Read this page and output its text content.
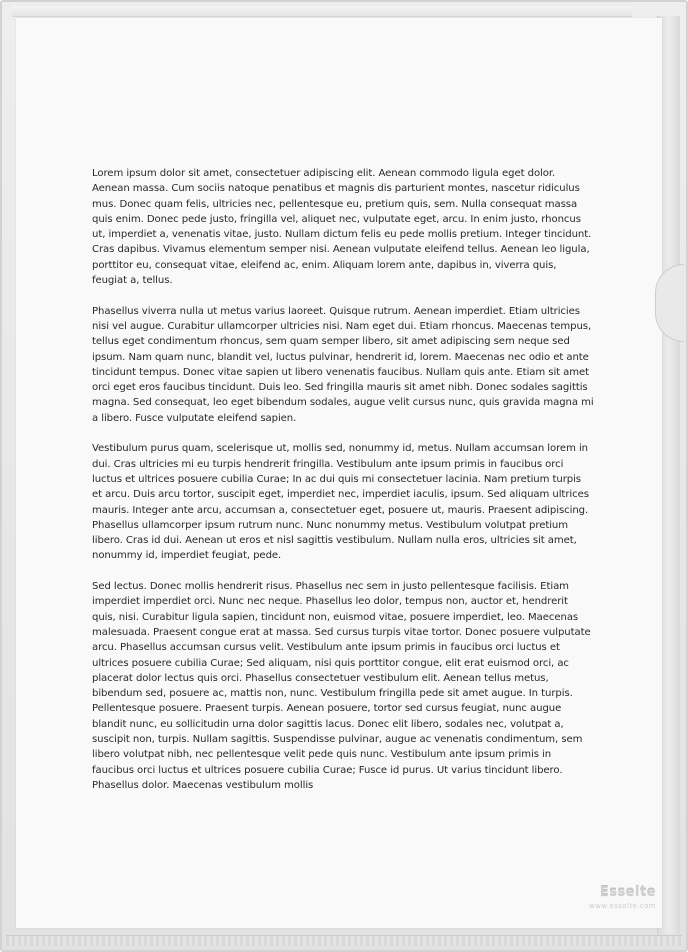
Lorem ipsum dolor sit amet, consectetuer adipiscing elit. Aenean commodo ligula eget dolor. Aenean massa. Cum sociis natoque penatibus et magnis dis parturient montes, nascetur ridiculus mus. Donec quam felis, ultricies nec, pellentesque eu, pretium quis, sem. Nulla consequat massa quis enim. Donec pede justo, fringilla vel, aliquet nec, vulputate eget, arcu. In enim justo, rhoncus ut, imperdiet a, venenatis vitae, justo. Nullam dictum felis eu pede mollis pretium. Integer tincidunt. Cras dapibus. Vivamus elementum semper nisi. Aenean vulputate eleifend tellus. Aenean leo ligula, porttitor eu, consequat vitae, eleifend ac, enim. Aliquam lorem ante, dapibus in, viverra quis, feugiat a, tellus.

Phasellus viverra nulla ut metus varius laoreet. Quisque rutrum. Aenean imperdiet. Etiam ultricies nisi vel augue. Curabitur ullamcorper ultricies nisi. Nam eget dui. Etiam rhoncus. Maecenas tempus, tellus eget condimentum rhoncus, sem quam semper libero, sit amet adipiscing sem neque sed ipsum. Nam quam nunc, blandit vel, luctus pulvinar, hendrerit id, lorem. Maecenas nec odio et ante tincidunt tempus. Donec vitae sapien ut libero venenatis faucibus. Nullam quis ante. Etiam sit amet orci eget eros faucibus tincidunt. Duis leo. Sed fringilla mauris sit amet nibh. Donec sodales sagittis magna. Sed consequat, leo eget bibendum sodales, augue velit cursus nunc, quis gravida magna mi a libero. Fusce vulputate eleifend sapien.

Vestibulum purus quam, scelerisque ut, mollis sed, nonummy id, metus. Nullam accumsan lorem in dui. Cras ultricies mi eu turpis hendrerit fringilla. Vestibulum ante ipsum primis in faucibus orci luctus et ultrices posuere cubilia Curae; In ac dui quis mi consectetuer lacinia. Nam pretium turpis et arcu. Duis arcu tortor, suscipit eget, imperdiet nec, imperdiet iaculis, ipsum. Sed aliquam ultrices mauris. Integer ante arcu, accumsan a, consectetuer eget, posuere ut, mauris. Praesent adipiscing. Phasellus ullamcorper ipsum rutrum nunc. Nunc nonummy metus. Vestibulum volutpat pretium libero. Cras id dui. Aenean ut eros et nisl sagittis vestibulum. Nullam nulla eros, ultricies sit amet, nonummy id, imperdiet feugiat, pede.

Sed lectus. Donec mollis hendrerit risus. Phasellus nec sem in justo pellentesque facilisis. Etiam imperdiet imperdiet orci. Nunc nec neque. Phasellus leo dolor, tempus non, auctor et, hendrerit quis, nisi. Curabitur ligula sapien, tincidunt non, euismod vitae, posuere imperdiet, leo. Maecenas malesuada. Praesent congue erat at massa. Sed cursus turpis vitae tortor. Donec posuere vulputate arcu. Phasellus accumsan cursus velit. Vestibulum ante ipsum primis in faucibus orci luctus et ultrices posuere cubilia Curae; Sed aliquam, nisi quis porttitor congue, elit erat euismod orci, ac placerat dolor lectus quis orci. Phasellus consectetuer vestibulum elit. Aenean tellus metus, bibendum sed, posuere ac, mattis non, nunc. Vestibulum fringilla pede sit amet augue. In turpis. Pellentesque posuere. Praesent turpis. Aenean posuere, tortor sed cursus feugiat, nunc augue blandit nunc, eu sollicitudin urna dolor sagittis lacus. Donec elit libero, sodales nec, volutpat a, suscipit non, turpis. Nullam sagittis. Suspendisse pulvinar, augue ac venenatis condimentum, sem libero volutpat nibh, nec pellentesque velit pede quis nunc. Vestibulum ante ipsum primis in faucibus orci luctus et ultrices posuere cubilia Curae; Fusce id purus. Ut varius tincidunt libero. Phasellus dolor. Maecenas vestibulum mollis

Esselte
www.esselte.com
